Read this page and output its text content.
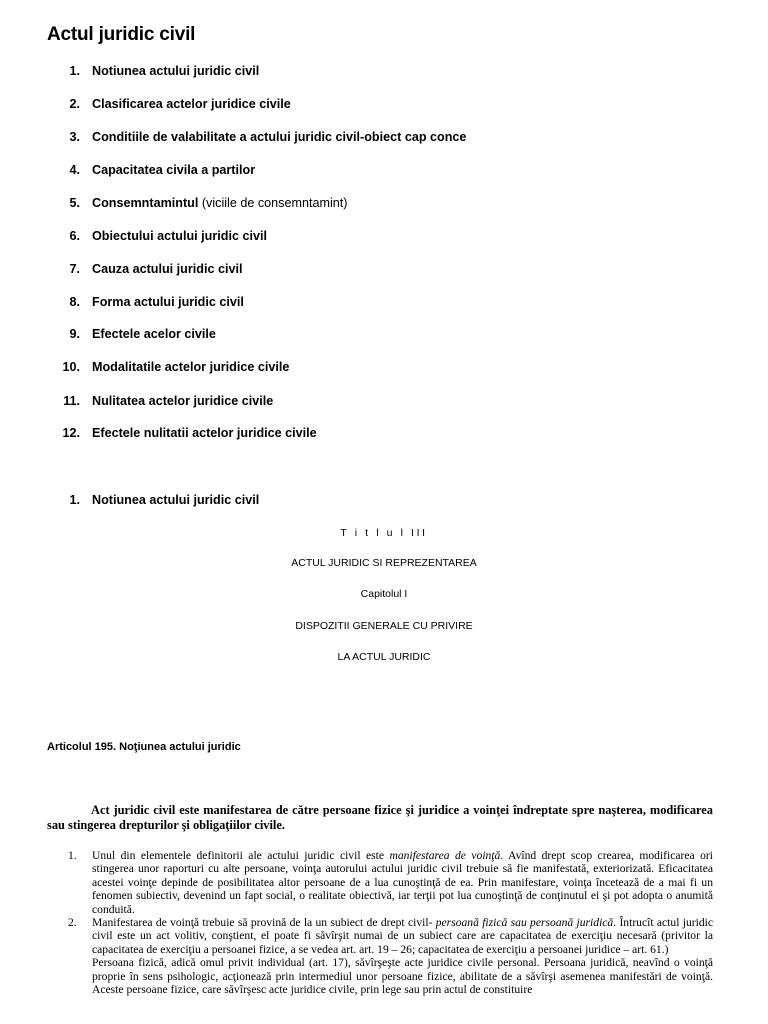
Actul juridic civil
1. Notiunea actului juridic civil
2. Clasificarea actelor juridice civile
3. Conditiile de valabilitate a actului juridic civil-obiect cap conce
4. Capacitatea civila a partilor
5. Consemntamintul (viciile de consemntamint)
6. Obiectului actului juridic civil
7. Cauza actului juridic civil
8. Forma actului juridic civil
9. Efectele acelor civile
10. Modalitatile actelor juridice civile
11. Nulitatea actelor juridice civile
12. Efectele nulitatii actelor juridice civile
1. Notiunea actului juridic civil
T i t l u l III
ACTUL JURIDIC SI REPREZENTAREA
Capitolul I
DISPOZITII GENERALE CU PRIVIRE
LA ACTUL JURIDIC
Articolul 195. Noţiunea actului juridic

Act juridic civil este manifestarea de către persoane fizice şi juridice a voinţei îndreptate spre naşterea, modificarea sau stingerea drepturilor şi obligaţiilor civile.

1. Unul din elementele definitorii ale actului juridic civil este manifestarea de voinţă. Avînd drept scop crearea, modificarea ori stingerea unor raporturi cu alte persoane, voinţa autorului actului juridic civil trebuie să fie manifestată, exteriorizată. Eficacitatea acestei voinţe depinde de posibilitatea altor persoane de a lua cunoştinţă de ea. Prin manifestare, voinţa încetează de a mai fi un fenomen subiectiv, devenind un fapt social, o realitate obiectivă, iar terţii pot lua cunoştinţă de conţinutul ei şi pot adopta o anumită conduită.
2. Manifestarea de voinţă trebuie să provină de la un subiect de drept civil- persoană fizică sau persoană juridică. Întrucît actul juridic civil este un act volitiv, conştient, el poate fi săvîrşit numai de un subiect care are capacitatea de exerciţiu necesară (privitor la capacitatea de exerciţiu a persoanei fizice, a se vedea art. art. 19 – 26; capacitatea de exerciţiu a persoanei juridice – art. 61.)
Persoana fizică, adică omul privit individual (art. 17), săvîrşeşte acte juridice civile personal. Persoana juridică, neavînd o voinţă proprie în sens psihologic, acţionează prin intermediul unor persoane fizice, abilitate de a săvîrşi asemenea manifestări de voinţă. Aceste persoane fizice, care săvîrşesc acte juridice civile, prin lege sau prin actul de constituire
